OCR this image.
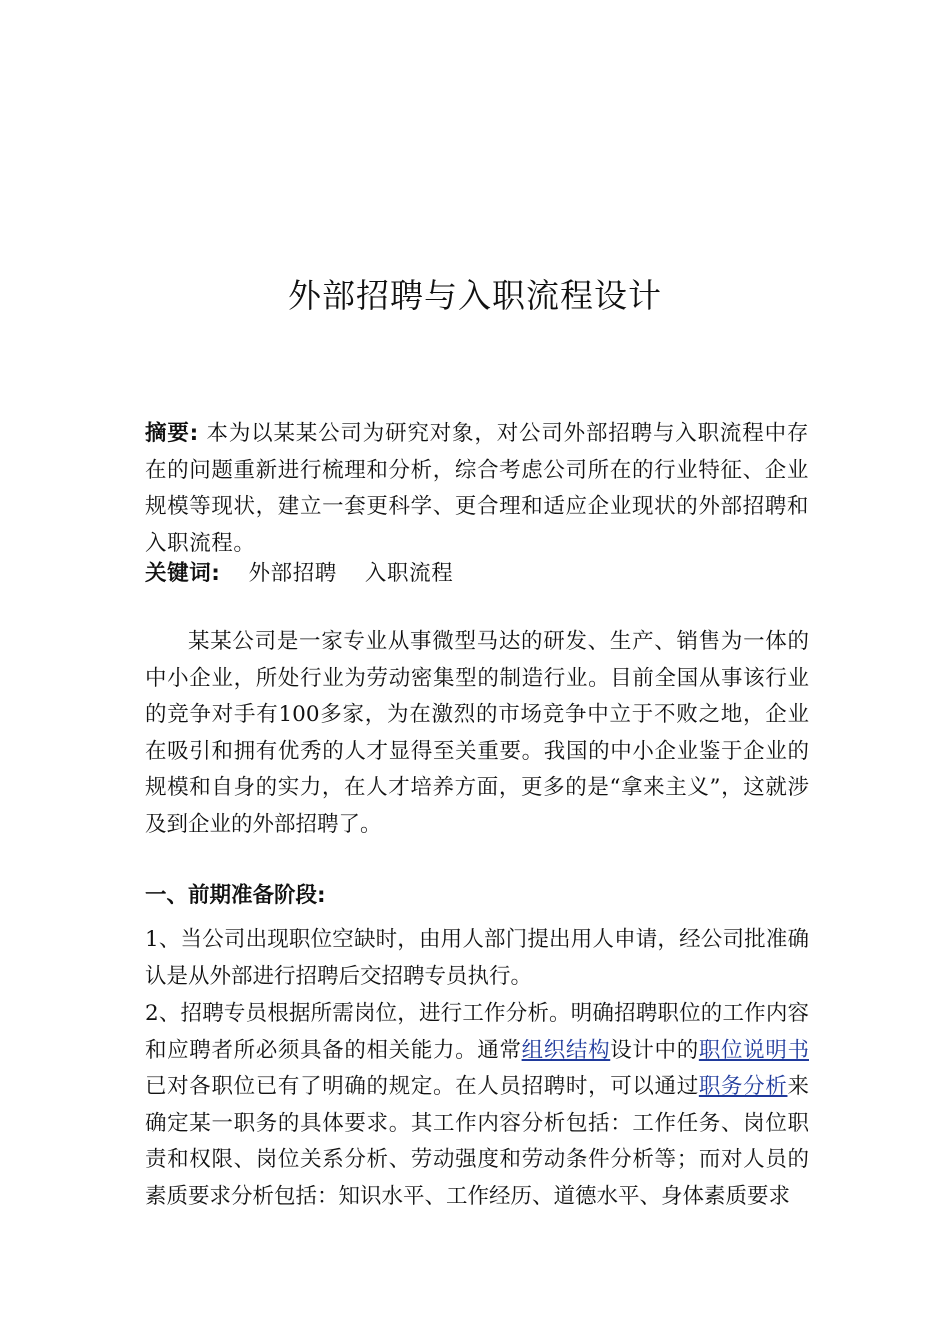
外部招聘与入职流程设计

摘要: 本为以某某公司为研究对象，对公司外部招聘与入职流程中存在的问题重新进行梳理和分析，综合考虑公司所在的行业特征、企业规模等现状，建立一套更科学、更合理和适应企业现状的外部招聘和入职流程。

关键词: 外部招聘 入职流程

某某公司是一家专业从事微型马达的研发、生产、销售为一体的中小企业，所处行业为劳动密集型的制造行业。目前全国从事该行业的竞争对手有100多家，为在激烈的市场竞争中立于不败之地，企业在吸引和拥有优秀的人才显得至关重要。我国的中小企业鉴于企业的规模和自身的实力，在人才培养方面，更多的是“拿来主义”，这就涉及到企业的外部招聘了。

一、前期准备阶段:

1、当公司出现职位空缺时，由用人部门提出用人申请，经公司批准确认是从外部进行招聘后交招聘专员执行。

2、招聘专员根据所需岗位，进行工作分析。明确招聘职位的工作内容和应聘者所必须具备的相关能力。通常组织结构设计中的职位说明书已对各职位已有了明确的规定。在人员招聘时，可以通过职务分析来确定某一职务的具体要求。其工作内容分析包括：工作任务、岗位职责和权限、岗位关系分析、劳动强度和劳动条件分析等；而对人员的素质要求分析包括：知识水平、工作经历、道德水平、身体素质要求
